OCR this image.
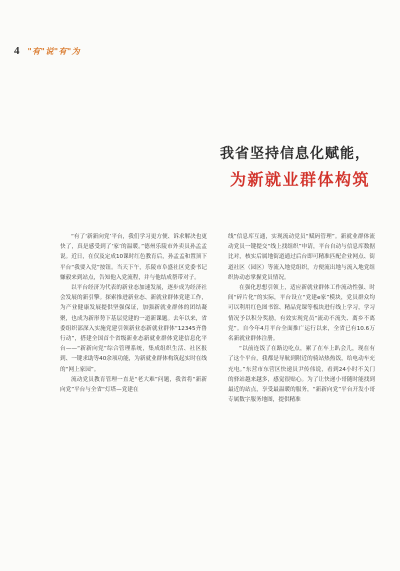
4 "有"说"有"为

我省坚持信息化赋能，

为新就业群体构筑

“有了‘新新向党’平台，我们学习更方便、诉求解决也更快了，真是感受到了‘家’的温暖。”德州乐陵市外卖员孙孟孟说。近日，在仅及定成10课时红色教育后，孙孟孟和置顶下平台“我要入党”按钮。当天下午，乐陵市阜盛社区党委书记嫌毅来到站点，告知他入党流程，并与他结成帮带对子。

以平台经济为代表的新业态加速发展，逐步成为经济社会发展的新引擎。探索推进新业态、新就业群体党建工作，为产业健康发展提供坚强保证，加强新就业群体的团结凝聚，也成为新形势下基层党建的一道新课题。去年以来，省委组织部深入实施党建引领新业态新就业群体“12345齐鲁行动”，搭建全国首个省级新业态新就业群体党建信息化平台——“新新向党”综合管理系统，集成组织生活、社区报到、一键求助等40余项功能，为新就业群体构筑起实时在线的“网上家园”。

流动党员教育管理一直是“老大难”问题，我省将“新新向党”平台与全省“灯塔—党建在

线”信息库互通，实现流动党员“赋码管理”。新就业群体流动党员一键提交“线上找组织”申请，平台自动与信息库数据比对，核实后属地街道通过后台即可精准匹配企业网点、街道社区（园区）等流入地党组织，方便流出地与流入地党组织协动态掌握党员情况。

在强化思想引领上，适应新就业群体工作流动性强、时间“碎片化”的实际，平台设立“党建e家”模块，党员群众均可以利用红色图书馆、精品党课等板块进行线上学习，学习情况予以积分奖励，有效实现党员“流动不流失、离乡不离党”。自今年4月平台全面推广运行以来，全省已有10.6万名新就业群体注册。

“以前连饭了在路边吃点，累了在车上趴会儿，现在有了这个平台，我都是导航到附近的骑站热热饭，给电动车充充电。”东营市东营区快递员尹传伟说，看到24小时不关门的驿站越来越多，感觉很贴心。为了让快递小哥随时能找到最近的站点，享受最温暖的服务，“新新向党”平台开发小哥专属数字服务地图，提供精准
